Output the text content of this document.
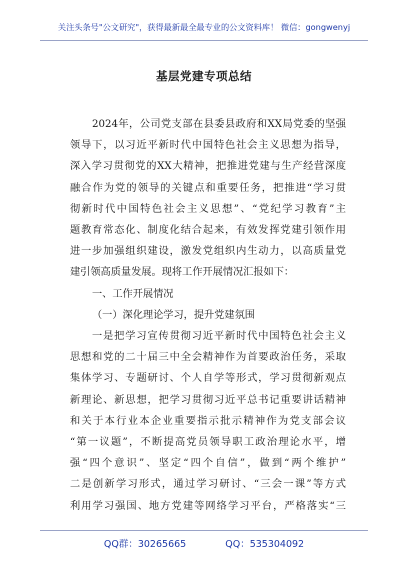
关注头条号"公文研究"，获得最新最全最专业的公文资料库！ 微信：gongwenyj
基层党建专项总结
2024年，公司党支部在县委县政府和XX局党委的坚强
领导下，以习近平新时代中国特色社会主义思想为指导，
深入学习贯彻党的XX大精神，把推进党建与生产经营深度
融合作为党的领导的关键点和重要任务，把推进“学习贯
彻新时代中国特色社会主义思想”、“党纪学习教育”主
题教育常态化、制度化结合起来，有效发挥党建引领作用
进一步加强组织建设，激发党组织内生动力，以高质量党
建引领高质量发展。现将工作开展情况汇报如下：
一、工作开展情况
（一）深化理论学习，提升党建氛围
一是把学习宣传贯彻习近平新时代中国特色社会主义
思想和党的二十届三中全会精神作为首要政治任务，采取
集体学习、专题研讨、个人自学等形式，学习贯彻新观点
新理论、新思想，把学习贯彻习近平总书记重要讲话精神
和关于本行业本企业重要指示批示精神作为党支部会议
“第一议题”，不断提高党员领导职工政治理论水平，增
强“四个意识”、坚定“四个自信”，做到“两个维护”
二是创新学习形式，通过学习研讨、“三会一课”等方式
利用学习强国、地方党建等网络学习平台，严格落实“三
QQ群：30265665	QQ：535304092
